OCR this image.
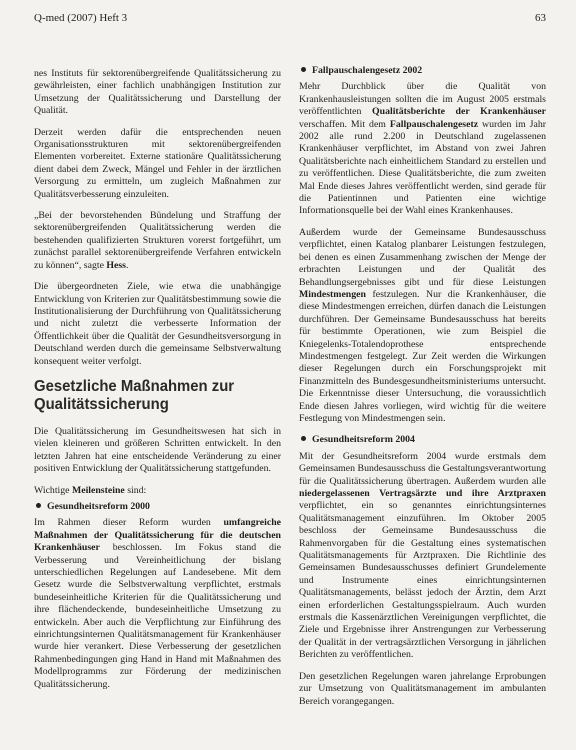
Q-med (2007) Heft 3	63

nes Instituts für sektorenübergreifende Qualitätssicherung zu gewährleisten, einer fachlich unabhängigen Institution zur Umsetzung der Qualitätssicherung und Darstellung der Qualität.

Derzeit werden dafür die entsprechenden neuen Organisationsstrukturen mit sektorenübergreifenden Elementen vorbereitet. Externe stationäre Qualitätssicherung dient dabei dem Zweck, Mängel und Fehler in der ärztlichen Versorgung zu ermitteln, um zugleich Maßnahmen zur Qualitätsverbesserung einzuleiten.

„Bei der bevorstehenden Bündelung und Straffung der sektorenübergreifenden Qualitätssicherung werden die bestehenden qualifizierten Strukturen vorerst fortgeführt, um zunächst parallel sektorenübergreifende Verfahren entwickeln zu können“, sagte Hess.

Die übergeordneten Ziele, wie etwa die unabhängige Entwicklung von Kriterien zur Qualitätsbestimmung sowie die Institutionalisierung der Durchführung von Qualitätssicherung und nicht zuletzt die verbesserte Information der Öffentlichkeit über die Qualität der Gesundheitsversorgung in Deutschland werden durch die gemeinsame Selbstverwaltung konsequent weiter verfolgt.

Gesetzliche Maßnahmen zur Qualitätssicherung

Die Qualitätssicherung im Gesundheitswesen hat sich in vielen kleineren und größeren Schritten entwickelt. In den letzten Jahren hat eine entscheidende Veränderung zu einer positiven Entwicklung der Qualitätssicherung stattgefunden.

Wichtige Meilensteine sind:

Gesundheitsreform 2000

Im Rahmen dieser Reform wurden umfangreiche Maßnahmen der Qualitätssicherung für die deutschen Krankenhäuser beschlossen. Im Fokus stand die Verbesserung und Vereinheitlichung der bislang unterschiedlichen Regelungen auf Landesebene. Mit dem Gesetz wurde die Selbstverwaltung verpflichtet, erstmals bundeseinheitliche Kriterien für die Qualitätssicherung und ihre flächendeckende, bundeseinheitliche Umsetzung zu entwickeln. Aber auch die Verpflichtung zur Einführung des einrichtungsinternen Qualitätsmanagement für Krankenhäuser wurde hier verankert. Diese Verbesserung der gesetzlichen Rahmenbedingungen ging Hand in Hand mit Maßnahmen des Modellprogramms zur Förderung der medizinischen Qualitätssicherung.

Fallpauschalengesetz 2002

Mehr Durchblick über die Qualität von Krankenhausleistungen sollten die im August 2005 erstmals veröffentlichten Qualitätsberichte der Krankenhäuser verschaffen. Mit dem Fallpauschalengesetz wurden im Jahr 2002 alle rund 2.200 in Deutschland zugelassenen Krankenhäuser verpflichtet, im Abstand von zwei Jahren Qualitätsberichte nach einheitlichem Standard zu erstellen und zu veröffentlichen. Diese Qualitätsberichte, die zum zweiten Mal Ende dieses Jahres veröffentlicht werden, sind gerade für die Patientinnen und Patienten eine wichtige Informationsquelle bei der Wahl eines Krankenhauses.

Außerdem wurde der Gemeinsame Bundesausschuss verpflichtet, einen Katalog planbarer Leistungen festzulegen, bei denen es einen Zusammenhang zwischen der Menge der erbrachten Leistungen und der Qualität des Behandlungsergebnisses gibt und für diese Leistungen Mindestmengen festzulegen. Nur die Krankenhäuser, die diese Mindestmengen erreichen, dürfen danach die Leistungen durchführen. Der Gemeinsame Bundesausschuss hat bereits für bestimmte Operationen, wie zum Beispiel die Kniegelenks-Totalendoprothese entsprechende Mindestmengen festgelegt. Zur Zeit werden die Wirkungen dieser Regelungen durch ein Forschungsprojekt mit Finanzmitteln des Bundesgesundheitsministeriums untersucht. Die Erkenntnisse dieser Untersuchung, die voraussichtlich Ende diesen Jahres vorliegen, wird wichtig für die weitere Festlegung von Mindestmengen sein.

Gesundheitsreform 2004

Mit der Gesundheitsreform 2004 wurde erstmals dem Gemeinsamen Bundesausschuss die Gestaltungsverantwortung für die Qualitätssicherung übertragen. Außerdem wurden alle niedergelassenen Vertragsärzte und ihre Arztpraxen verpflichtet, ein so genanntes einrichtungsinternes Qualitätsmanagement einzuführen. Im Oktober 2005 beschloss der Gemeinsame Bundesausschuss die Rahmenvorgaben für die Gestaltung eines systematischen Qualitätsmanagements für Arztpraxen. Die Richtlinie des Gemeinsamen Bundesausschusses definiert Grundelemente und Instrumente eines einrichtungsinternen Qualitätsmanagements, belässt jedoch der Ärztin, dem Arzt einen erforderlichen Gestaltungsspielraum. Auch wurden erstmals die Kassenärztlichen Vereinigungen verpflichtet, die Ziele und Ergebnisse ihrer Anstrengungen zur Verbesserung der Qualität in der vertragsärztlichen Versorgung in jährlichen Berichten zu veröffentlichen.

Den gesetzlichen Regelungen waren jahrelange Erprobungen zur Umsetzung von Qualitätsmanagement im ambulanten Bereich vorangegangen.
